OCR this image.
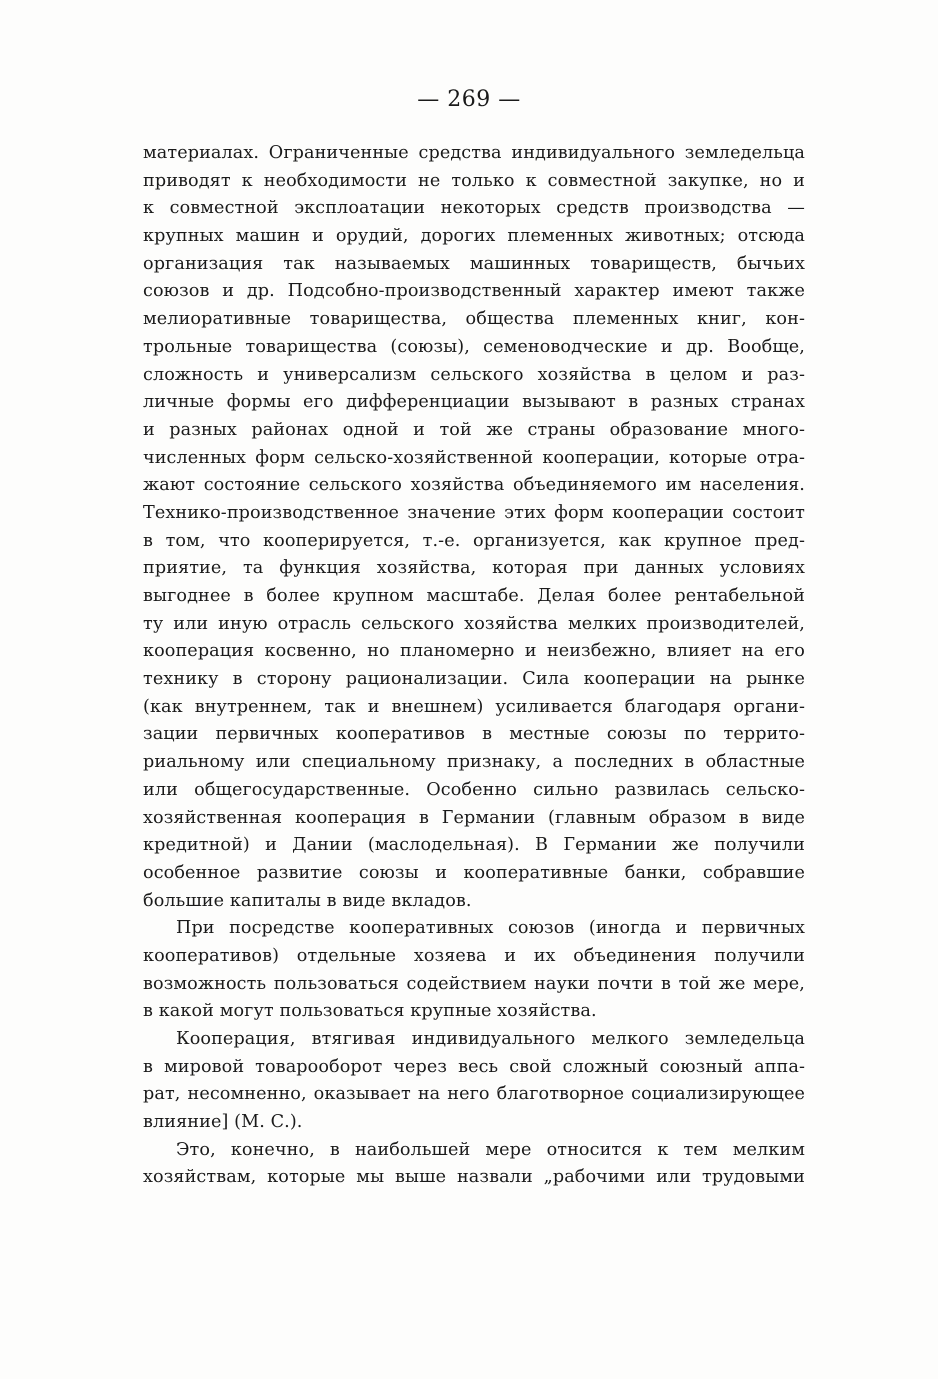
— 269 —
материалах. Ограниченные средства индивидуального земледельца
приводят к необходимости не только к совместной закупке, но и
к совместной эксплоатации некоторых средств производства —
крупных машин и орудий, дорогих племенных животных; отсюда
организация так называемых машинных товариществ, бычьих
союзов и др. Подсобно-производственный характер имеют также
мелиоративные товарищества, общества племенных книг, кон-
трольные товарищества (союзы), семеноводческие и др. Вообще,
сложность и универсализм сельского хозяйства в целом и раз-
личные формы его дифференциации вызывают в разных странах
и разных районах одной и той же страны образование много-
численных форм сельско-хозяйственной кооперации, которые отра-
жают состояние сельского хозяйства объединяемого им населения.
Технико-производственное значение этих форм кооперации состоит
в том, что кооперируется, т.-е. организуется, как крупное пред-
приятие, та функция хозяйства, которая при данных условиях
выгоднее в более крупном масштабе. Делая более рентабельной
ту или иную отрасль сельского хозяйства мелких производителей,
кооперация косвенно, но планомерно и неизбежно, влияет на его
технику в сторону рационализации. Сила кооперации на рынке
(как внутреннем, так и внешнем) усиливается благодаря органи-
зации первичных кооперативов в местные союзы по террито-
риальному или специальному признаку, а последних в областные
или общегосударственные. Особенно сильно развилась сельско-
хозяйственная кооперация в Германии (главным образом в виде
кредитной) и Дании (маслодельная). В Германии же получили
особенное развитие союзы и кооперативные банки, собравшие
большие капиталы в виде вкладов.
При посредстве кооперативных союзов (иногда и первичных
кооперативов) отдельные хозяева и их объединения получили
возможность пользоваться содействием науки почти в той же мере,
в какой могут пользоваться крупные хозяйства.
Кооперация, втягивая индивидуального мелкого земледельца
в мировой товарооборот через весь свой сложный союзный аппа-
рат, несомненно, оказывает на него благотворное социализирующее
влияние] (М. С.).
Это, конечно, в наибольшей мере относится к тем мелким
хозяйствам, которые мы выше назвали „рабочими или трудовыми
